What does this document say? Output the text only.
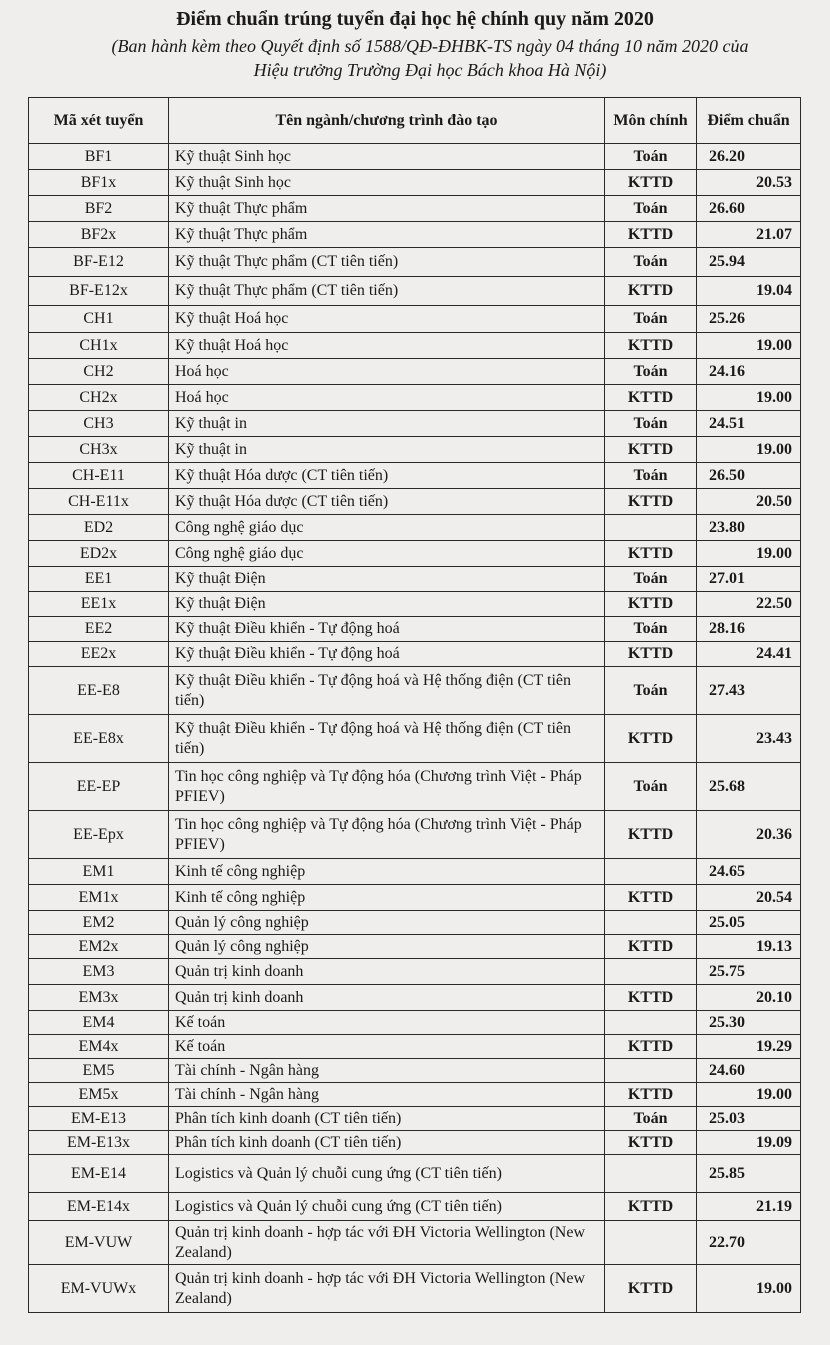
Điểm chuẩn trúng tuyển đại học hệ chính quy năm 2020
(Ban hành kèm theo Quyết định số 1588/QĐ-ĐHBK-TS ngày 04 tháng 10 năm 2020 của
Hiệu trưởng Trường Đại học Bách khoa Hà Nội)
Mã xét tuyển	Tên ngành/chương trình đào tạo	Môn chính	Điểm chuẩn
BF1	Kỹ thuật Sinh học	Toán	26.20
BF1x	Kỹ thuật Sinh học	KTTD	20.53
BF2	Kỹ thuật Thực phẩm	Toán	26.60
BF2x	Kỹ thuật Thực phẩm	KTTD	21.07
BF-E12	Kỹ thuật Thực phẩm (CT tiên tiến)	Toán	25.94
BF-E12x	Kỹ thuật Thực phẩm (CT tiên tiến)	KTTD	19.04
CH1	Kỹ thuật Hoá học	Toán	25.26
CH1x	Kỹ thuật Hoá học	KTTD	19.00
CH2	Hoá học	Toán	24.16
CH2x	Hoá học	KTTD	19.00
CH3	Kỹ thuật in	Toán	24.51
CH3x	Kỹ thuật in	KTTD	19.00
CH-E11	Kỹ thuật Hóa dược (CT tiên tiến)	Toán	26.50
CH-E11x	Kỹ thuật Hóa dược (CT tiên tiến)	KTTD	20.50
ED2	Công nghệ giáo dục		23.80
ED2x	Công nghệ giáo dục	KTTD	19.00
EE1	Kỹ thuật Điện	Toán	27.01
EE1x	Kỹ thuật Điện	KTTD	22.50
EE2	Kỹ thuật Điều khiển - Tự động hoá	Toán	28.16
EE2x	Kỹ thuật Điều khiển - Tự động hoá	KTTD	24.41
EE-E8	Kỹ thuật Điều khiển - Tự động hoá và Hệ thống điện (CT tiên tiến)	Toán	27.43
EE-E8x	Kỹ thuật Điều khiển - Tự động hoá và Hệ thống điện (CT tiên tiến)	KTTD	23.43
EE-EP	Tin học công nghiệp và Tự động hóa (Chương trình Việt - Pháp PFIEV)	Toán	25.68
EE-Epx	Tin học công nghiệp và Tự động hóa (Chương trình Việt - Pháp PFIEV)	KTTD	20.36
EM1	Kinh tế công nghiệp		24.65
EM1x	Kinh tế công nghiệp	KTTD	20.54
EM2	Quản lý công nghiệp		25.05
EM2x	Quản lý công nghiệp	KTTD	19.13
EM3	Quản trị kinh doanh		25.75
EM3x	Quản trị kinh doanh	KTTD	20.10
EM4	Kế toán		25.30
EM4x	Kế toán	KTTD	19.29
EM5	Tài chính - Ngân hàng		24.60
EM5x	Tài chính - Ngân hàng	KTTD	19.00
EM-E13	Phân tích kinh doanh (CT tiên tiến)	Toán	25.03
EM-E13x	Phân tích kinh doanh (CT tiên tiến)	KTTD	19.09
EM-E14	Logistics và Quản lý chuỗi cung ứng (CT tiên tiến)		25.85
EM-E14x	Logistics và Quản lý chuỗi cung ứng (CT tiên tiến)	KTTD	21.19
EM-VUW	Quản trị kinh doanh - hợp tác với ĐH Victoria Wellington (New Zealand)		22.70
EM-VUWx	Quản trị kinh doanh - hợp tác với ĐH Victoria Wellington (New Zealand)	KTTD	19.00
